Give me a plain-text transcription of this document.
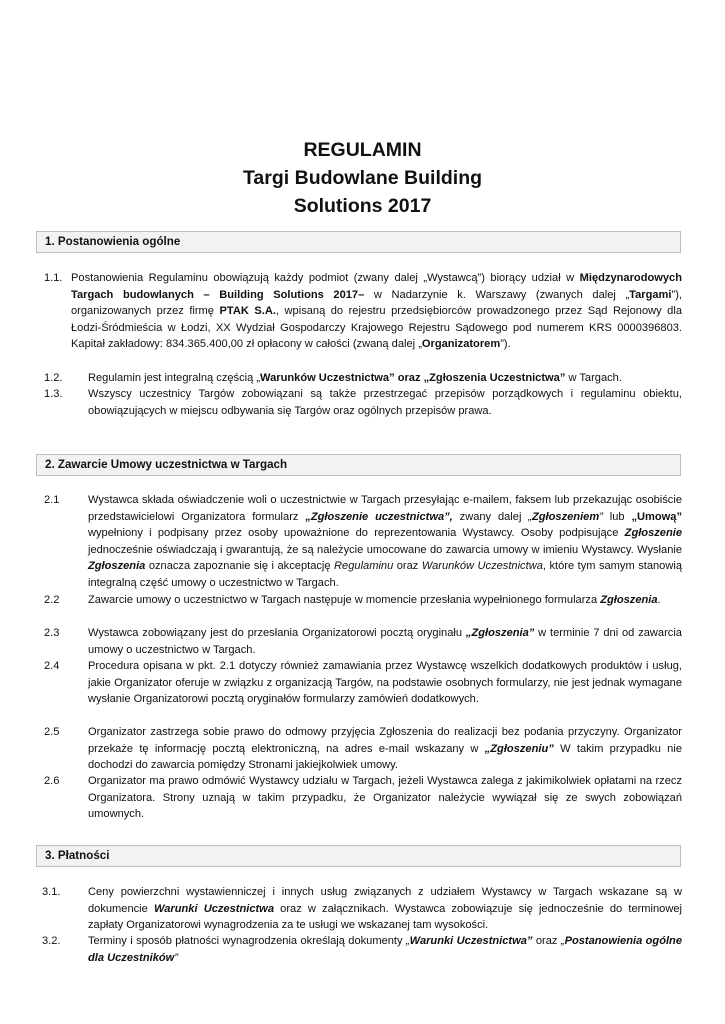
REGULAMIN
Targi Budowlane Building
Solutions 2017
1. Postanowienia ogólne
1.1. Postanowienia Regulaminu obowiązują każdy podmiot (zwany dalej „Wystawcą”) biorący udział w Międzynarodowych Targach budowlanych – Building Solutions 2017– w Nadarzynie k. Warszawy (zwanych dalej „Targami”), organizowanych przez firmę PTAK S.A., wpisaną do rejestru przedsiębiorców prowadzonego przez Sąd Rejonowy dla Łodzi-Śródmieścia w Łodzi, XX Wydział Gospodarczy Krajowego Rejestru Sądowego pod numerem KRS 0000396803. Kapitał zakładowy: 834.365.400,00 zł opłacony w całości (zwaną dalej „Organizatorem”).
1.2. Regulamin jest integralną częścią „Warunków Uczestnictwa” oraz „Zgłoszenia Uczestnictwa” w Targach.
1.3. Wszyscy uczestnicy Targów zobowiązani są także przestrzegać przepisów porządkowych i regulaminu obiektu, obowiązujących w miejscu odbywania się Targów oraz ogólnych przepisów prawa.
2. Zawarcie Umowy uczestnictwa w Targach
2.1	Wystawca składa oświadczenie woli o uczestnictwie w Targach przesyłając e-mailem, faksem lub przekazując osobiście przedstawicielowi Organizatora formularz „Zgłoszenie uczestnictwa”, zwany dalej „Zgłoszeniem” lub „Umową” wypełniony i podpisany przez osoby upoważnione do reprezentowania Wystawcy. Osoby podpisujące Zgłoszenie jednocześnie oświadczają i gwarantują, że są należycie umocowane do zawarcia umowy w imieniu Wystawcy. Wysłanie Zgłoszenia oznacza zapoznanie się i akceptację Regulaminu oraz Warunków Uczestnictwa, które tym samym stanowią integralną część umowy o uczestnictwo w Targach.
2.2	Zawarcie umowy o uczestnictwo w Targach następuje w momencie przesłania wypełnionego formularza Zgłoszenia.
2.3	Wystawca zobowiązany jest do przesłania Organizatorowi pocztą oryginału „Zgłoszenia” w terminie 7 dni od zawarcia umowy o uczestnictwo w Targach.
2.4	Procedura opisana w pkt. 2.1 dotyczy również zamawiania przez Wystawcę wszelkich dodatkowych produktów i usług, jakie Organizator oferuje w związku z organizacją Targów, na podstawie osobnych formularzy, nie jest jednak wymagane wysłanie Organizatorowi pocztą oryginałów formularzy zamówień dodatkowych.
2.5	Organizator zastrzega sobie prawo do odmowy przyjęcia Zgłoszenia do realizacji bez podania przyczyny. Organizator przekaże tę informację pocztą elektroniczną, na adres e-mail wskazany w „Zgłoszeniu” W takim przypadku nie dochodzi do zawarcia pomiędzy Stronami jakiejkolwiek umowy.
2.6	Organizator ma prawo odmówić Wystawcy udziału w Targach, jeżeli Wystawca zalega z jakimikolwiek opłatami na rzecz Organizatora. Strony uznają w takim przypadku, że Organizator należycie wywiązał się ze swych zobowiązań umownych.
3. Płatności
3.1. Ceny powierzchni wystawienniczej i innych usług związanych z udziałem Wystawcy w Targach wskazane są w dokumencie Warunki Uczestnictwa oraz w załącznikach. Wystawca zobowiązuje się jednocześnie do terminowej zapłaty Organizatorowi wynagrodzenia za te usługi we wskazanej tam wysokości.
3.2. Terminy i sposób płatności wynagrodzenia określają dokumenty „Warunki Uczestnictwa” oraz „Postanowienia ogólne dla Uczestników”
